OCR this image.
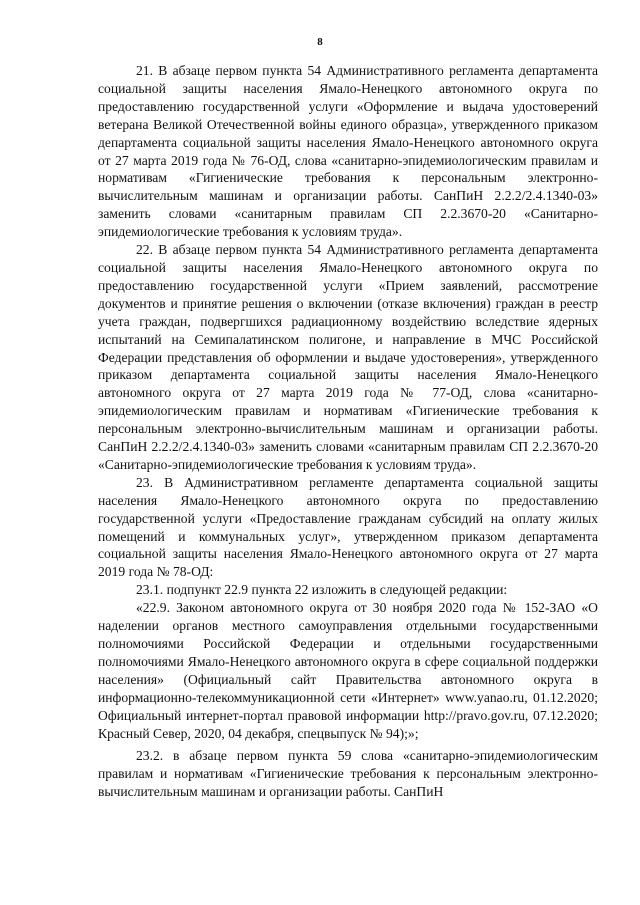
8

21. В абзаце первом пункта 54 Административного регламента департамента социальной защиты населения Ямало-Ненецкого автономного округа по предоставлению государственной услуги «Оформление и выдача удостоверений ветерана Великой Отечественной войны единого образца», утвержденного приказом департамента социальной защиты населения Ямало-Ненецкого автономного округа от 27 марта 2019 года № 76-ОД, слова «санитарно-эпидемиологическим правилам и нормативам «Гигиенические требования к персональным электронно-вычислительным машинам и организации работы. СанПиН 2.2.2/2.4.1340-03» заменить словами «санитарным правилам СП 2.2.3670-20 «Санитарно-эпидемиологические требования к условиям труда».

22. В абзаце первом пункта 54 Административного регламента департамента социальной защиты населения Ямало-Ненецкого автономного округа по предоставлению государственной услуги «Прием заявлений, рассмотрение документов и принятие решения о включении (отказе включения) граждан в реестр учета граждан, подвергшихся радиационному воздействию вследствие ядерных испытаний на Семипалатинском полигоне, и направление в МЧС Российской Федерации представления об оформлении и выдаче удостоверения», утвержденного приказом департамента социальной защиты населения Ямало-Ненецкого автономного округа от 27 марта 2019 года № 77-ОД, слова «санитарно-эпидемиологическим правилам и нормативам «Гигиенические требования к персональным электронно-вычислительным машинам и организации работы. СанПиН 2.2.2/2.4.1340-03» заменить словами «санитарным правилам СП 2.2.3670-20 «Санитарно-эпидемиологические требования к условиям труда».

23. В Административном регламенте департамента социальной защиты населения Ямало-Ненецкого автономного округа по предоставлению государственной услуги «Предоставление гражданам субсидий на оплату жилых помещений и коммунальных услуг», утвержденном приказом департамента социальной защиты населения Ямало-Ненецкого автономного округа от 27 марта 2019 года № 78-ОД:

23.1. подпункт 22.9 пункта 22 изложить в следующей редакции:

«22.9. Законом автономного округа от 30 ноября 2020 года № 152-ЗАО «О наделении органов местного самоуправления отдельными государственными полномочиями Российской Федерации и отдельными государственными полномочиями Ямало-Ненецкого автономного округа в сфере социальной поддержки населения» (Официальный сайт Правительства автономного округа в информационно-телекоммуникационной сети «Интернет» www.yanao.ru, 01.12.2020; Официальный интернет-портал правовой информации http://pravo.gov.ru, 07.12.2020; Красный Север, 2020, 04 декабря, спецвыпуск № 94);»;

23.2. в абзаце первом пункта 59 слова «санитарно-эпидемиологическим правилам и нормативам «Гигиенические требования к персональным электронно-вычислительным машинам и организации работы. СанПиН
